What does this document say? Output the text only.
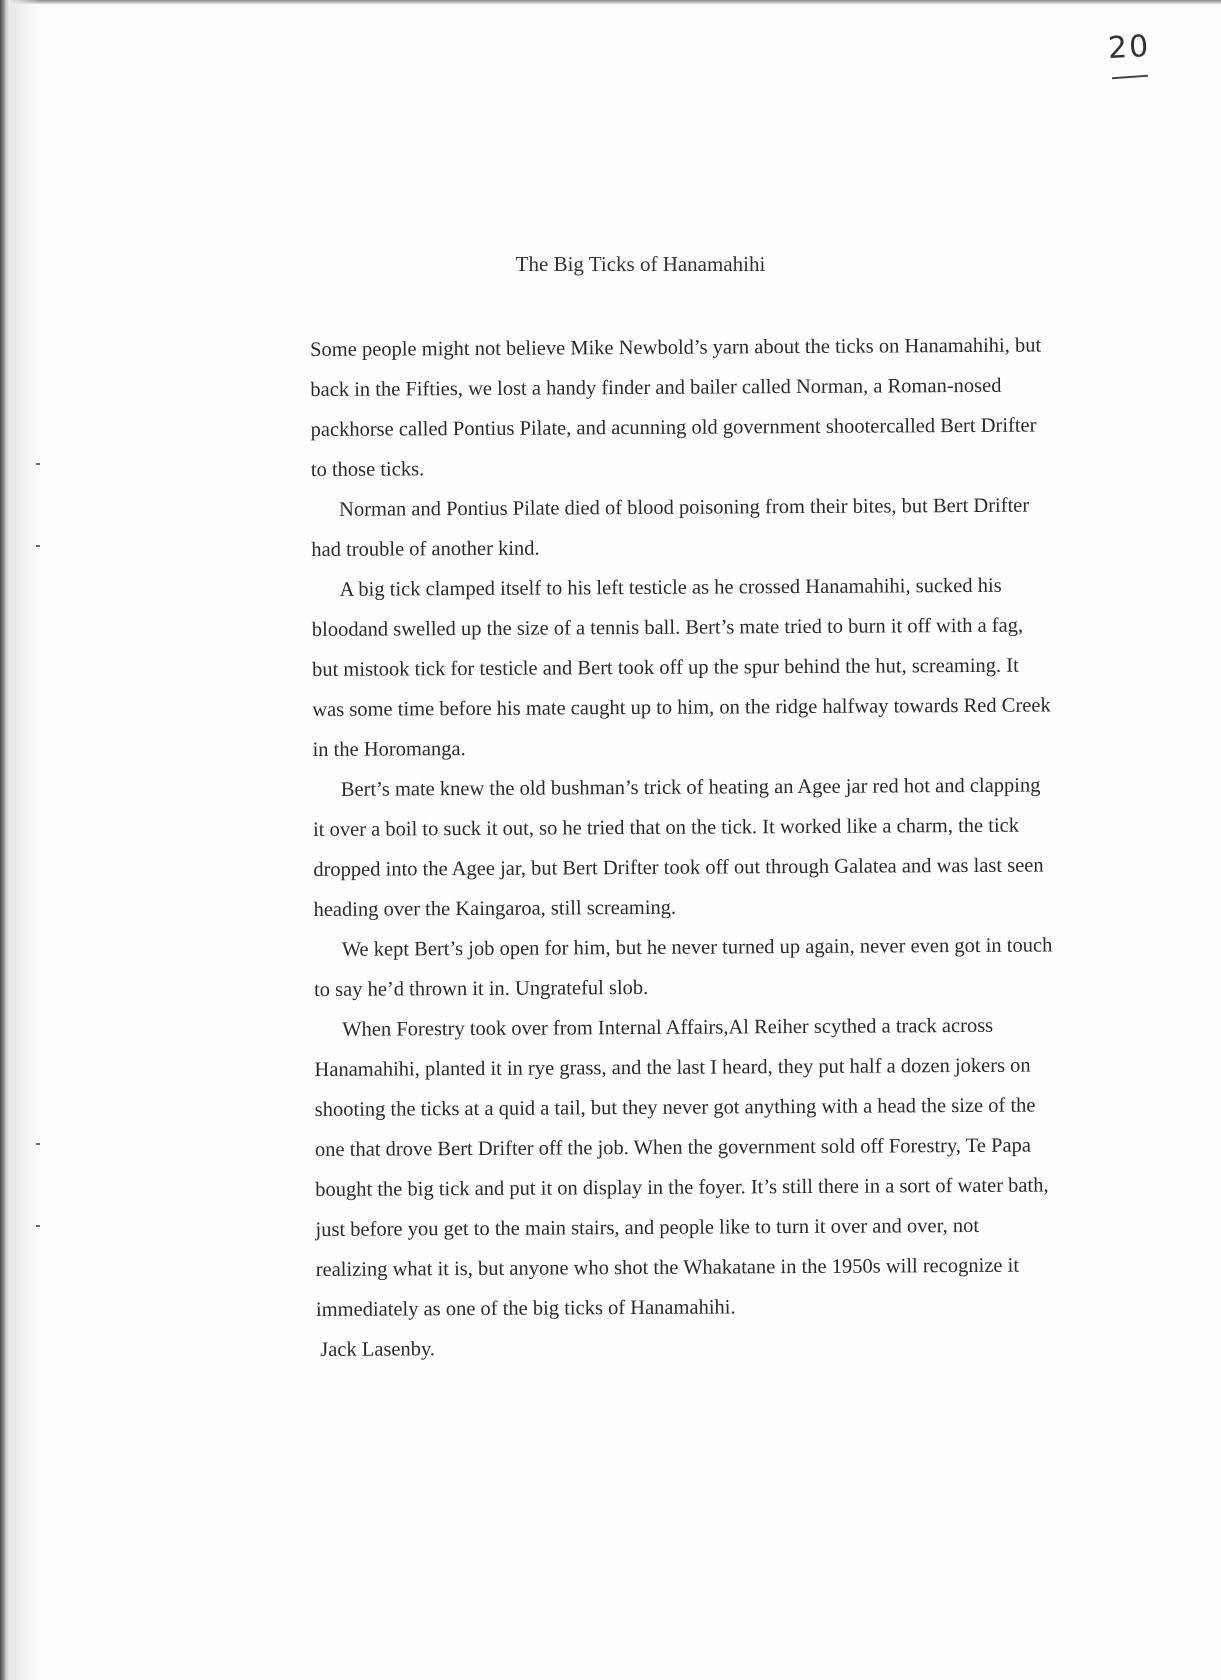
20
The Big Ticks of Hanamahihi

Some people might not believe Mike Newbold’s yarn about the ticks on Hanamahihi, but back in the Fifties, we lost a handy finder and bailer called Norman, a Roman-nosed packhorse called Pontius Pilate, and acunning old government shootercalled Bert Drifter to those ticks.

Norman and Pontius Pilate died of blood poisoning from their bites, but Bert Drifter had trouble of another kind.

A big tick clamped itself to his left testicle as he crossed Hanamahihi, sucked his bloodand swelled up the size of a tennis ball. Bert’s mate tried to burn it off with a fag, but mistook tick for testicle and Bert took off up the spur behind the hut, screaming. It was some time before his mate caught up to him, on the ridge halfway towards Red Creek in the Horomanga.

Bert’s mate knew the old bushman’s trick of heating an Agee jar red hot and clapping it over a boil to suck it out, so he tried that on the tick. It worked like a charm, the tick dropped into the Agee jar, but Bert Drifter took off out through Galatea and was last seen heading over the Kaingaroa, still screaming.

We kept Bert’s job open for him, but he never turned up again, never even got in touch to say he’d thrown it in. Ungrateful slob.

When Forestry took over from Internal Affairs,Al Reiher scythed a track across Hanamahihi, planted it in rye grass, and the last I heard, they put half a dozen jokers on shooting the ticks at a quid a tail, but they never got anything with a head the size of the one that drove Bert Drifter off the job. When the government sold off Forestry, Te Papa bought the big tick and put it on display in the foyer. It’s still there in a sort of water bath, just before you get to the main stairs, and people like to turn it over and over, not realizing what it is, but anyone who shot the Whakatane in the 1950s will recognize it immediately as one of the big ticks of Hanamahihi.

Jack Lasenby.
